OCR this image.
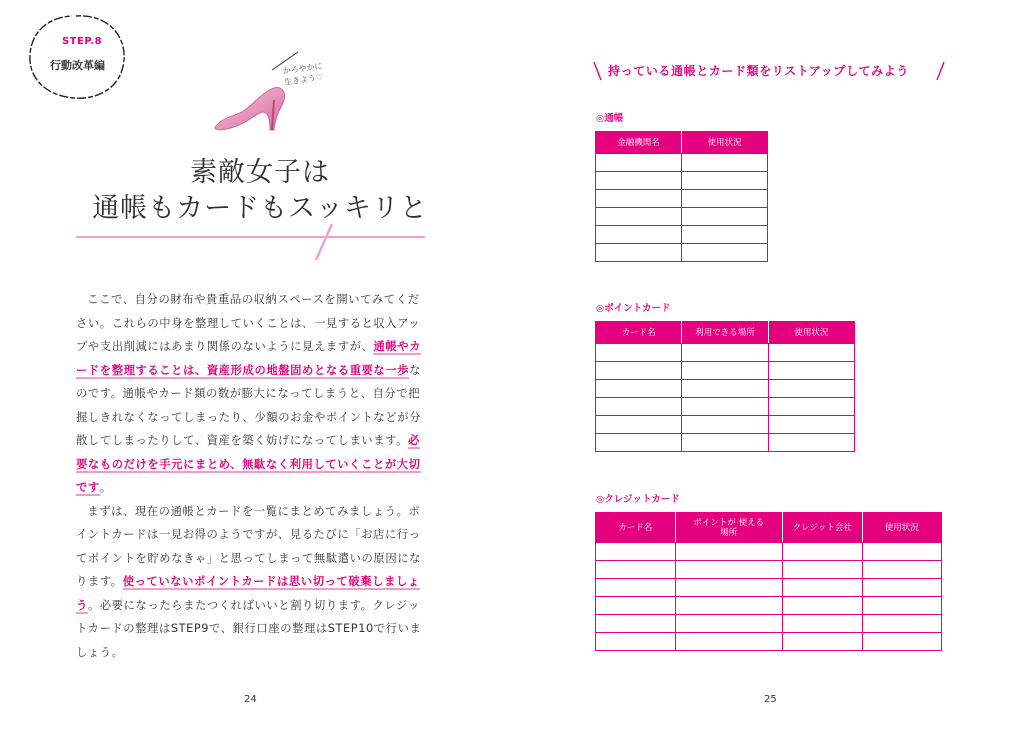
STEP.8
行動改革編	かろやかに
生きよう♡
素敵女子は
通帳もカードもスッキリと

ここで、自分の財布や貴重品の収納スペースを開いてみてください。これらの中身を整理していくことは、一見すると収入アップや支出削減にはあまり関係のないように見えますが、通帳やカードを整理することは、資産形成の地盤固めとなる重要な一歩なのです。通帳やカード類の数が膨大になってしまうと、自分で把握しきれなくなってしまったり、少額のお金やポイントなどが分散してしまったりして、資産を築く妨げになってしまいます。必要なものだけを手元にまとめ、無駄なく利用していくことが大切です。

まずは、現在の通帳とカードを一覧にまとめてみましょう。ポイントカードは一見お得のようですが、見るたびに「お店に行ってポイントを貯めなきゃ」と思ってしまって無駄遣いの原因になります。使っていないポイントカードは思い切って破棄しましょう。必要になったらまたつくればいいと割り切ります。クレジットカードの整理はSTEP9で、銀行口座の整理はSTEP10で行いましょう。

24
持っている通帳とカード類をリストアップしてみよう
◎通帳
金融機関名	使用状況

◎ポイントカード
カード名	利用できる場所	使用状況

◎クレジットカード
カード名	ポイントが 使える場所	クレジット会社	使用状況

25
